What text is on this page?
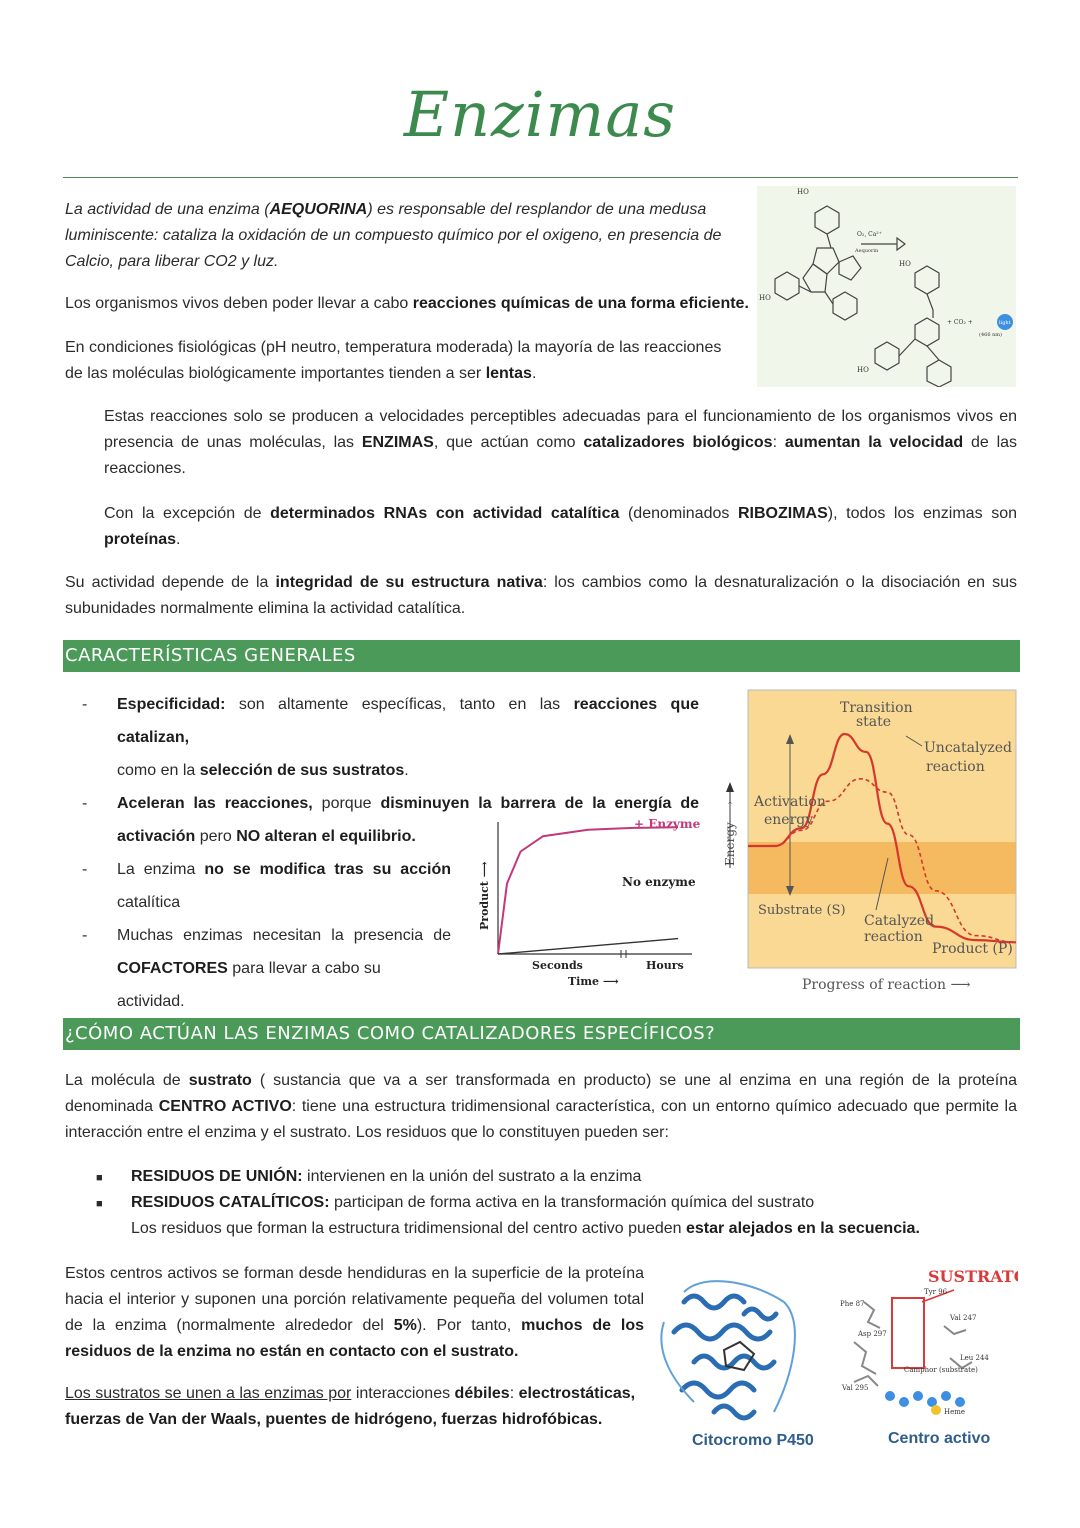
Enzimas
La actividad de una enzima (AEQUORINA) es responsable del resplandor de una medusa luminiscente: cataliza la oxidación de un compuesto químico por el oxigeno, en presencia de Calcio, para liberar CO2 y luz.
Los organismos vivos deben poder llevar a cabo reacciones químicas de una forma eficiente.
En condiciones fisiológicas (pH neutro, temperatura moderada) la mayoría de las reacciones de las moléculas biológicamente importantes tienden a ser lentas.
HO
HO
HO
HO
O₂, Ca²⁺
Aequorin
+ CO₂ +	light
(466 nm)
Estas reacciones solo se producen a velocidades perceptibles adecuadas para el funcionamiento de los organismos vivos en presencia de unas moléculas, las ENZIMAS, que actúan como catalizadores biológicos: aumentan la velocidad de las reacciones.
Con la excepción de determinados RNAs con actividad catalítica (denominados RIBOZIMAS), todos los enzimas son proteínas.
Su actividad depende de la integridad de su estructura nativa: los cambios como la desnaturalización o la disociación en sus subunidades normalmente elimina la actividad catalítica.
CARACTERÍSTICAS GENERALES
- Especificidad: son altamente específicas, tanto en las reacciones que catalizan,
como en la selección de sus sustratos.
- Aceleran las reacciones, porque disminuyen la barrera de la energía de
activación pero NO alteran el equilibrio.
- La enzima no se modifica tras su acción
catalítica
- Muchas enzimas necesitan la presencia de
COFACTORES para llevar a cabo su actividad.
+ Enzyme
No enzyme
Product ⟶
Seconds	Hours
Time ⟶
Energy ⟶
Transition
state
Uncatalyzed
reaction
Activation
energy
Substrate (S)
Catalyzed
reaction
Product (P)
Progress of reaction ⟶
¿CÓMO ACTÚAN LAS ENZIMAS COMO CATALIZADORES ESPECÍFICOS?
La molécula de sustrato ( sustancia que va a ser transformada en producto) se une al enzima en una región de la proteína denominada CENTRO ACTIVO: tiene una estructura tridimensional característica, con un entorno químico adecuado que permite la interacción entre el enzima y el sustrato. Los residuos que lo constituyen pueden ser:
■ RESIDUOS DE UNIÓN: intervienen en la unión del sustrato a la enzima
■ RESIDUOS CATALÍTICOS: participan de forma activa en la transformación química del sustrato
Los residuos que forman la estructura tridimensional del centro activo pueden estar alejados en la secuencia.
Estos centros activos se forman desde hendiduras en la superficie de la proteína hacia el interior y suponen una porción relativamente pequeña del volumen total de la enzima (normalmente alrededor del 5%). Por tanto, muchos de los residuos de la enzima no están en contacto con el sustrato.
Los sustratos se unen a las enzimas por interacciones débiles: electrostáticas, fuerzas de Van der Waals, puentes de hidrógeno, fuerzas hidrofóbicas.
SUSTRATO
Phe 87
Tyr 96
Val 247
Asp 297
Leu 244
Camphor (substrate)
Val 295
Heme
Citocromo P450	Centro activo
